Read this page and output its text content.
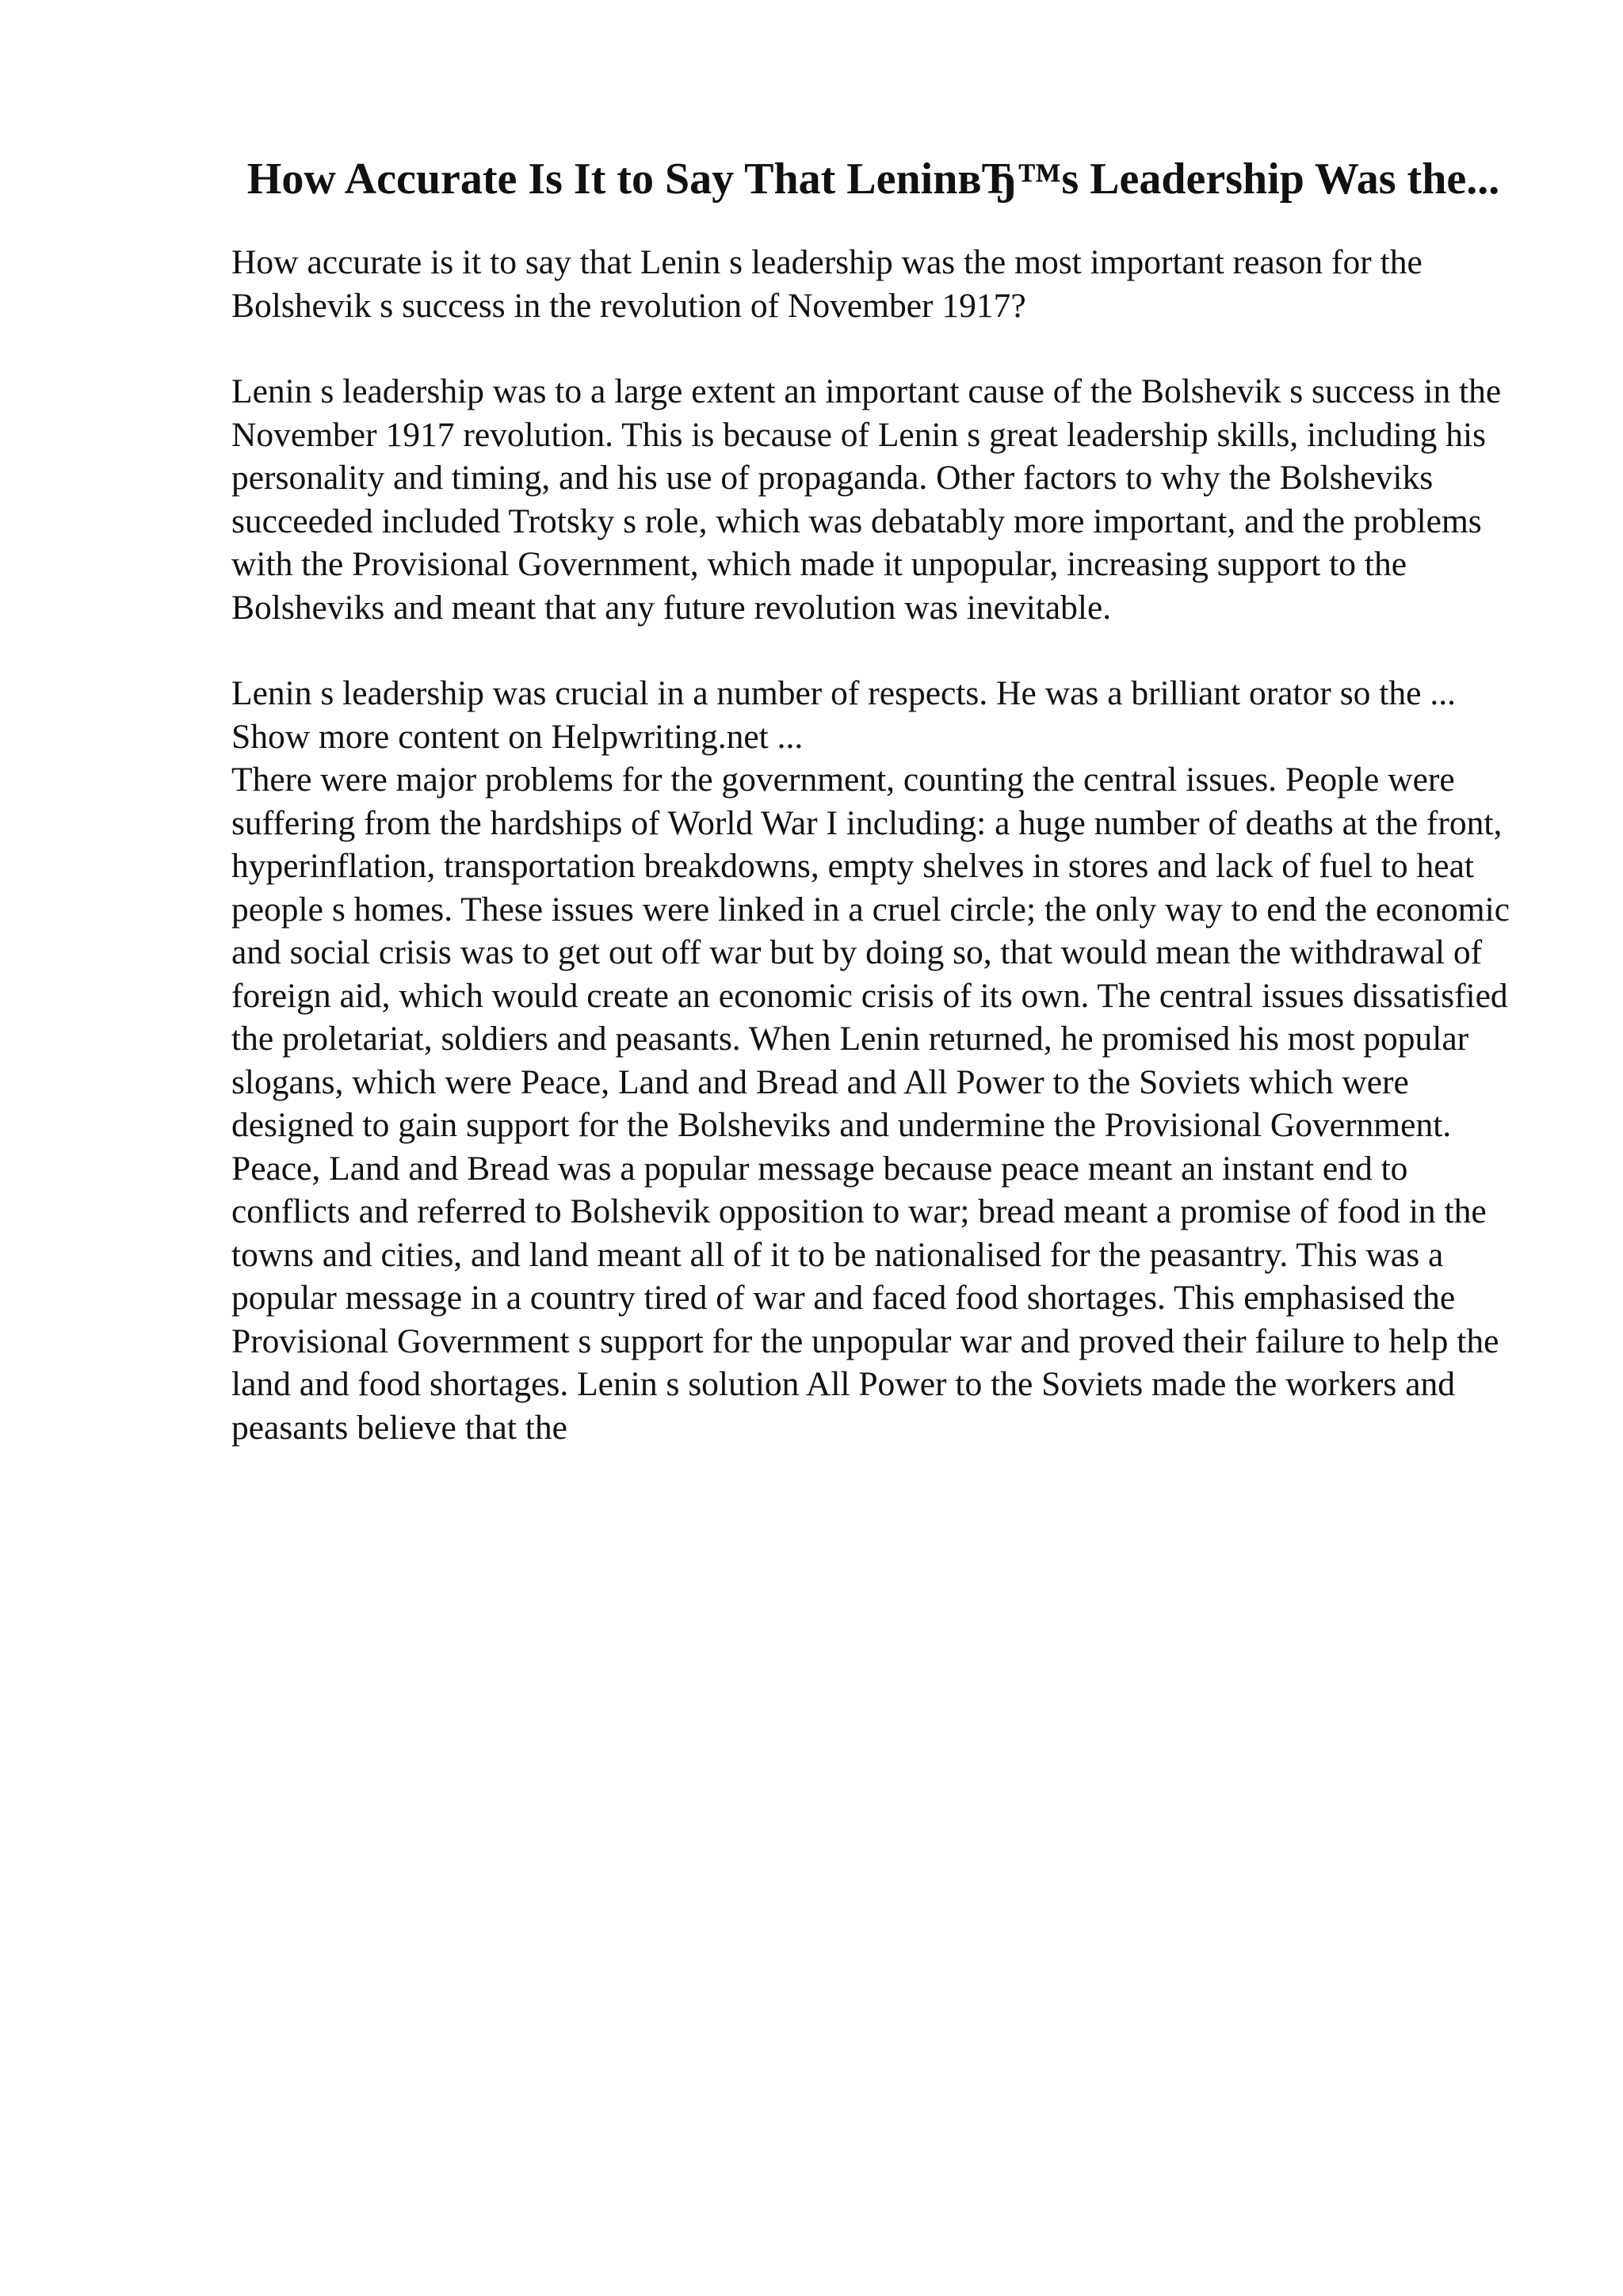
How Accurate Is It to Say That LeninвЂ™s Leadership Was the...

How accurate is it to say that Lenin s leadership was the most important reason for the Bolshevik s success in the revolution of November 1917?

Lenin s leadership was to a large extent an important cause of the Bolshevik s success in the November 1917 revolution. This is because of Lenin s great leadership skills, including his personality and timing, and his use of propaganda. Other factors to why the Bolsheviks succeeded included Trotsky s role, which was debatably more important, and the problems with the Provisional Government, which made it unpopular, increasing support to the Bolsheviks and meant that any future revolution was inevitable.

Lenin s leadership was crucial in a number of respects. He was a brilliant orator so the ... Show more content on Helpwriting.net ...

There were major problems for the government, counting the central issues. People were suffering from the hardships of World War I including: a huge number of deaths at the front, hyperinflation, transportation breakdowns, empty shelves in stores and lack of fuel to heat people s homes. These issues were linked in a cruel circle; the only way to end the economic and social crisis was to get out off war but by doing so, that would mean the withdrawal of foreign aid, which would create an economic crisis of its own. The central issues dissatisfied the proletariat, soldiers and peasants. When Lenin returned, he promised his most popular slogans, which were Peace, Land and Bread and All Power to the Soviets which were designed to gain support for the Bolsheviks and undermine the Provisional Government. Peace, Land and Bread was a popular message because peace meant an instant end to conflicts and referred to Bolshevik opposition to war; bread meant a promise of food in the towns and cities, and land meant all of it to be nationalised for the peasantry. This was a popular message in a country tired of war and faced food shortages. This emphasised the Provisional Government s support for the unpopular war and proved their failure to help the land and food shortages. Lenin s solution All Power to the Soviets made the workers and peasants believe that the
